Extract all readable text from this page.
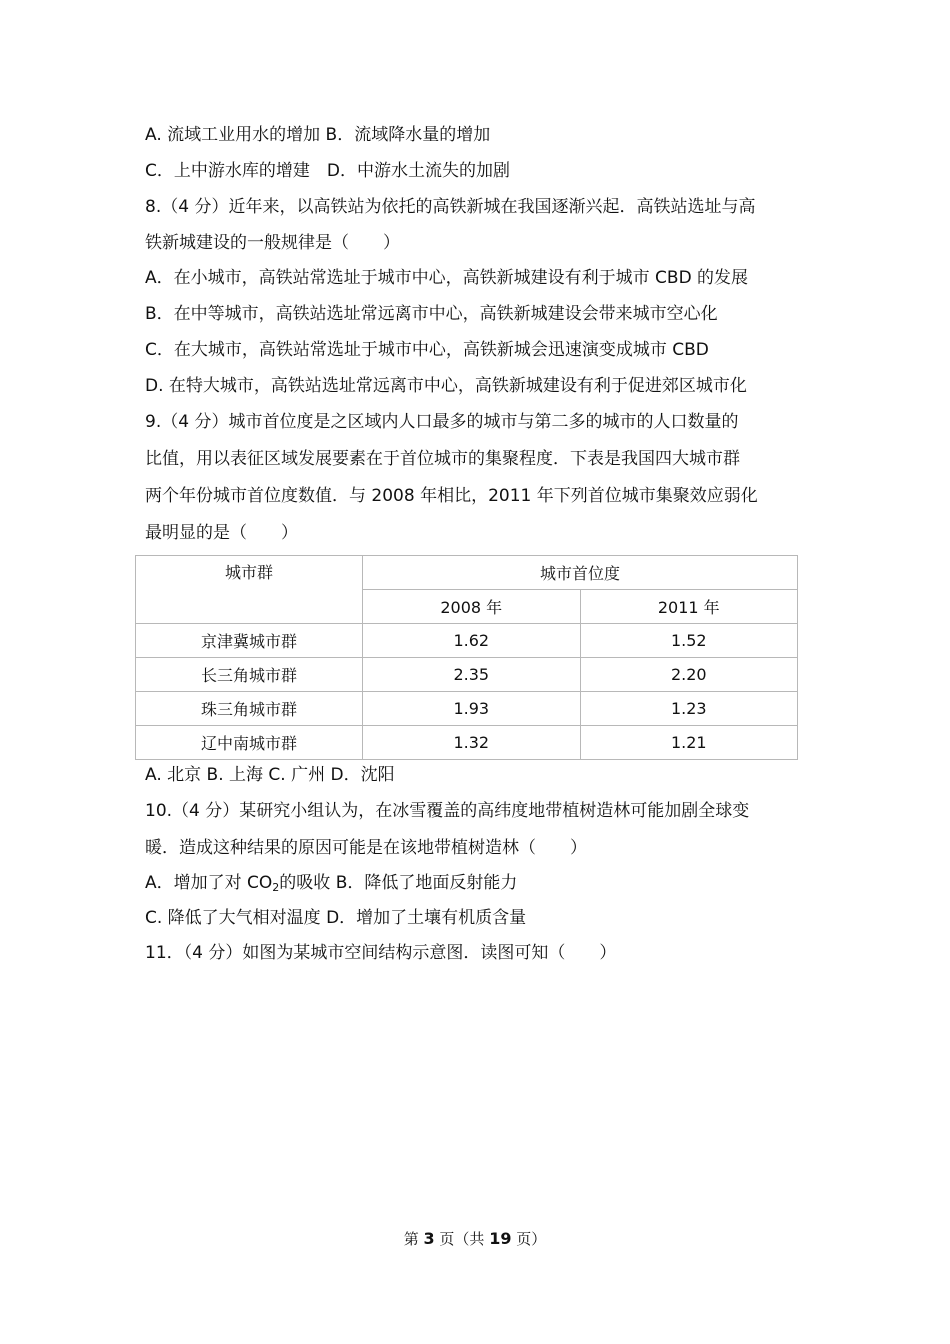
A. 流域工业用水的增加 B．流域降水量的增加
C．上中游水库的增建　D．中游水土流失的加剧
8.（4 分）近年来，以高铁站为依托的高铁新城在我国逐渐兴起．高铁站选址与高
铁新城建设的一般规律是（　　）
A．在小城市，高铁站常选址于城市中心，高铁新城建设有利于城市 CBD 的发展
B．在中等城市，高铁站选址常远离市中心，高铁新城建设会带来城市空心化
C．在大城市，高铁站常选址于城市中心，高铁新城会迅速演变成城市 CBD
D. 在特大城市，高铁站选址常远离市中心，高铁新城建设有利于促进郊区城市化
9.（4 分）城市首位度是之区域内人口最多的城市与第二多的城市的人口数量的
比值，用以表征区域发展要素在于首位城市的集聚程度．下表是我国四大城市群
两个年份城市首位度数值．与 2008 年相比，2011 年下列首位城市集聚效应弱化
最明显的是（　　）
城市群	城市首位度	
	2008 年	2011 年
京津冀城市群	1.62	1.52
长三角城市群	2.35	2.20
珠三角城市群	1.93	1.23
辽中南城市群	1.32	1.21
A. 北京 B. 上海 C. 广州 D．沈阳
10.（4 分）某研究小组认为，在冰雪覆盖的高纬度地带植树造林可能加剧全球变
暖．造成这种结果的原因可能是在该地带植树造林（　　）
A．增加了对 $CO_2$的吸收 B．降低了地面反射能力
C. 降低了大气相对温度 D．增加了土壤有机质含量
11．（4 分）如图为某城市空间结构示意图．读图可知（　　）
第 3 页（共 19 页）
